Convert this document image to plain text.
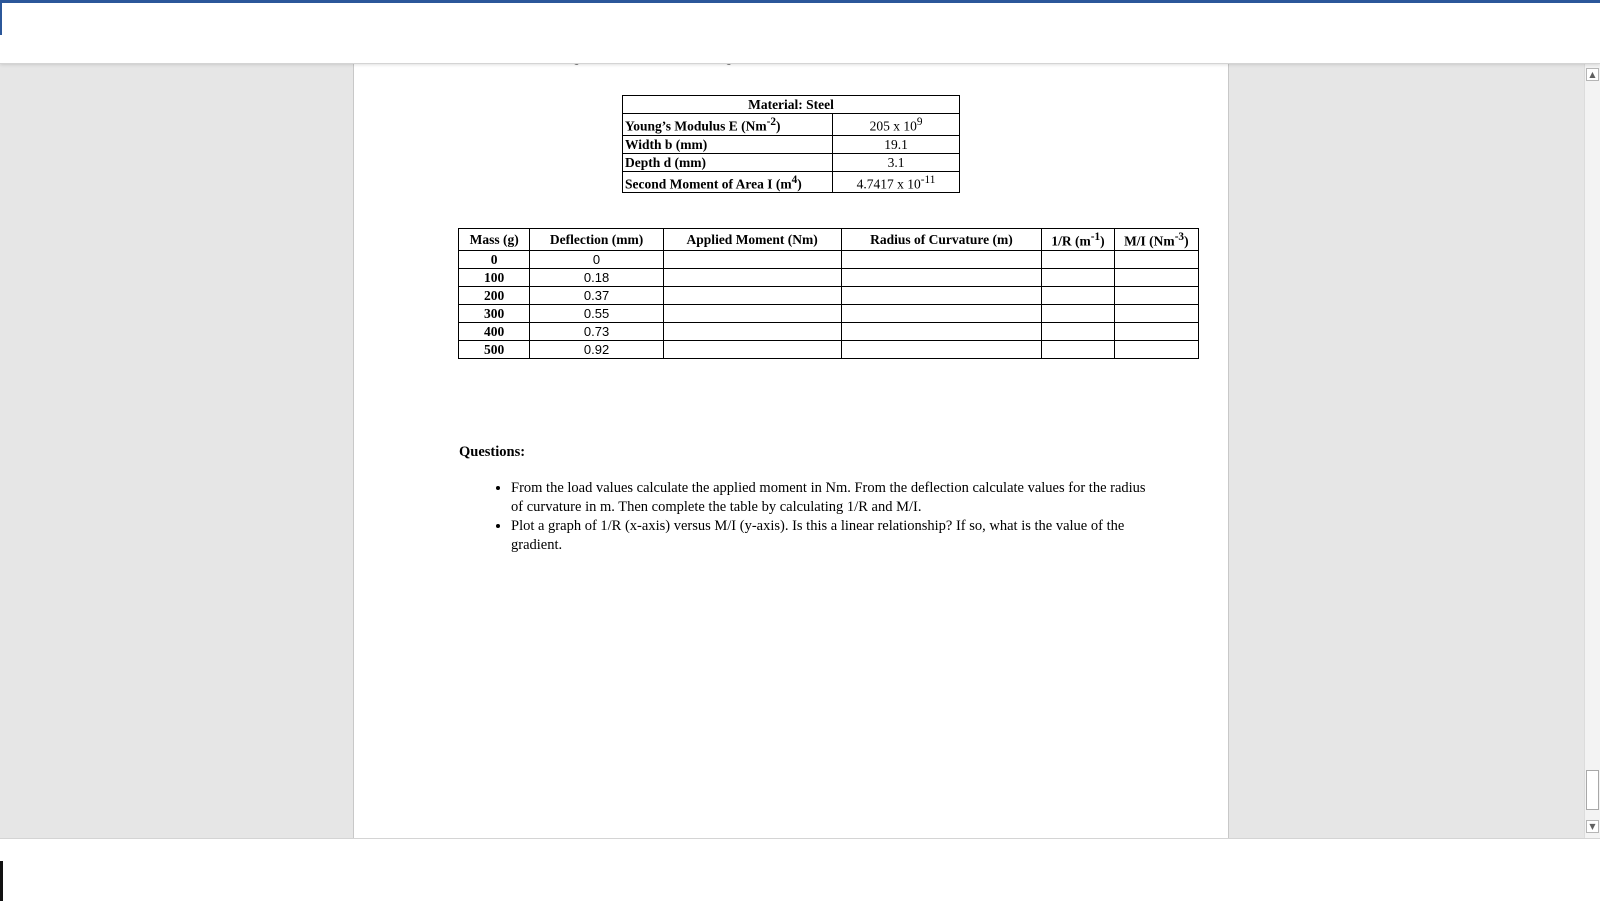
Material: Steel	
Young’s Modulus E $(Nm^{-2})$	205 x $10^9$
Width b (mm)	19.1
Depth d (mm)	3.1
Second Moment of Area I $(m^4)$	4.7417 x $10^{-11}$
Mass (g)	Deflection (mm)	Applied Moment (Nm)	Radius of Curvature (m)	1/R $(m^{-1})$	M/I $(Nm^{-3})$
0	0				
100	0.18				
200	0.37				
300	0.55				
400	0.73				
500	0.92				
Questions:
• From the load values calculate the applied moment in Nm. From the deflection calculate values for the radius of curvature in m. Then complete the table by calculating 1/R and M/I.
• Plot a graph of 1/R (x-axis) versus M/I (y-axis). Is this a linear relationship? If so, what is the value of the gradient.
▲
▼
